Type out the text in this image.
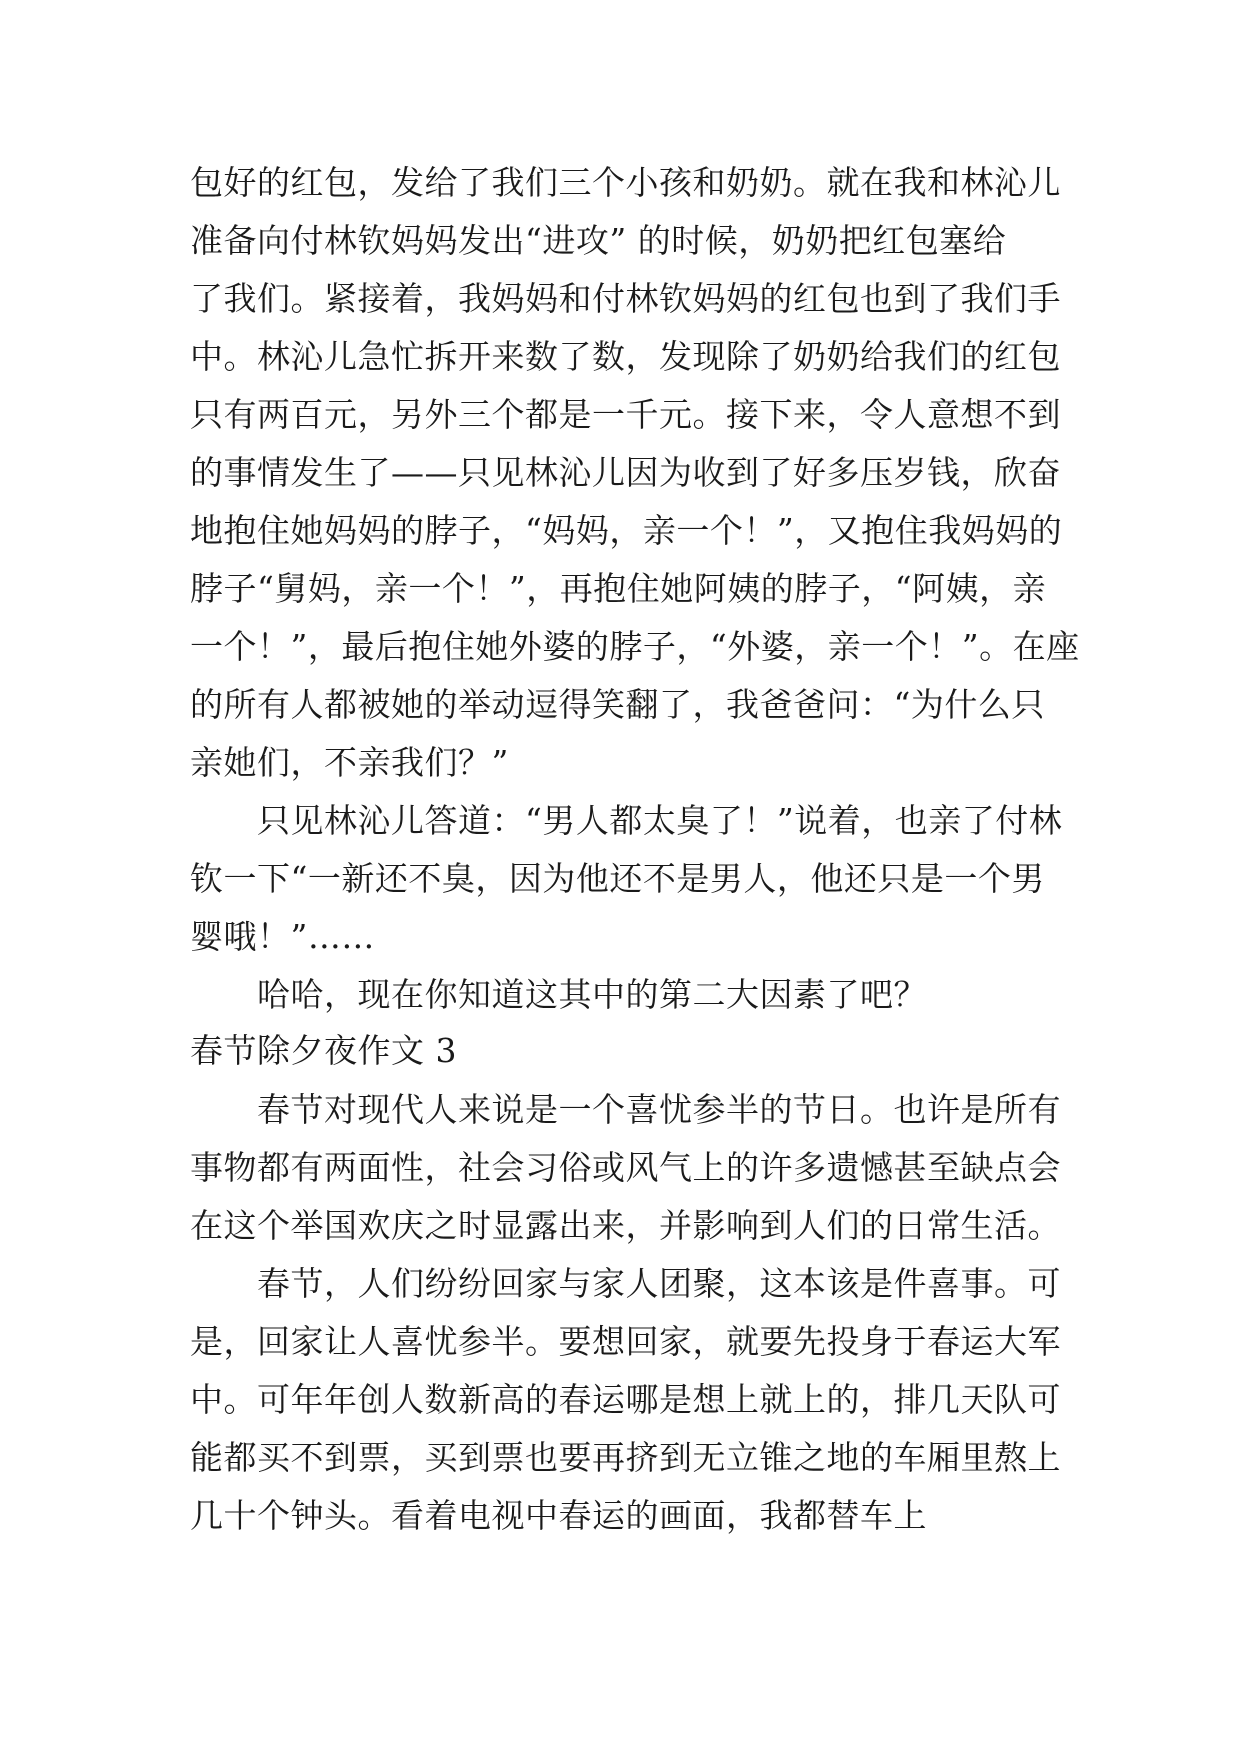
包好的红包，发给了我们三个小孩和奶奶。就在我和林沁儿

准备向付林钦妈妈发出“进攻” 的时候，奶奶把红包塞给

了我们。紧接着，我妈妈和付林钦妈妈的红包也到了我们手

中。林沁儿急忙拆开来数了数，发现除了奶奶给我们的红包

只有两百元，另外三个都是一千元。接下来，令人意想不到

的事情发生了——只见林沁儿因为收到了好多压岁钱，欣奋

地抱住她妈妈的脖子，“妈妈，亲一个！”，又抱住我妈妈的

脖子“舅妈，亲一个！”，再抱住她阿姨的脖子，“阿姨，亲

一个！”，最后抱住她外婆的脖子，“外婆，亲一个！”。在座

的所有人都被她的举动逗得笑翻了，我爸爸问：“为什么只

亲她们，不亲我们？”

只见林沁儿答道：“男人都太臭了！”说着，也亲了付林

钦一下“一新还不臭，因为他还不是男人，他还只是一个男

婴哦！”……

哈哈，现在你知道这其中的第二大因素了吧？

春节除夕夜作文 3

春节对现代人来说是一个喜忧参半的节日。也许是所有

事物都有两面性，社会习俗或风气上的许多遗憾甚至缺点会

在这个举国欢庆之时显露出来，并影响到人们的日常生活。

春节，人们纷纷回家与家人团聚，这本该是件喜事。可

是，回家让人喜忧参半。要想回家，就要先投身于春运大军

中。可年年创人数新高的春运哪是想上就上的，排几天队可

能都买不到票，买到票也要再挤到无立锥之地的车厢里熬上

几十个钟头。看着电视中春运的画面，我都替车上
